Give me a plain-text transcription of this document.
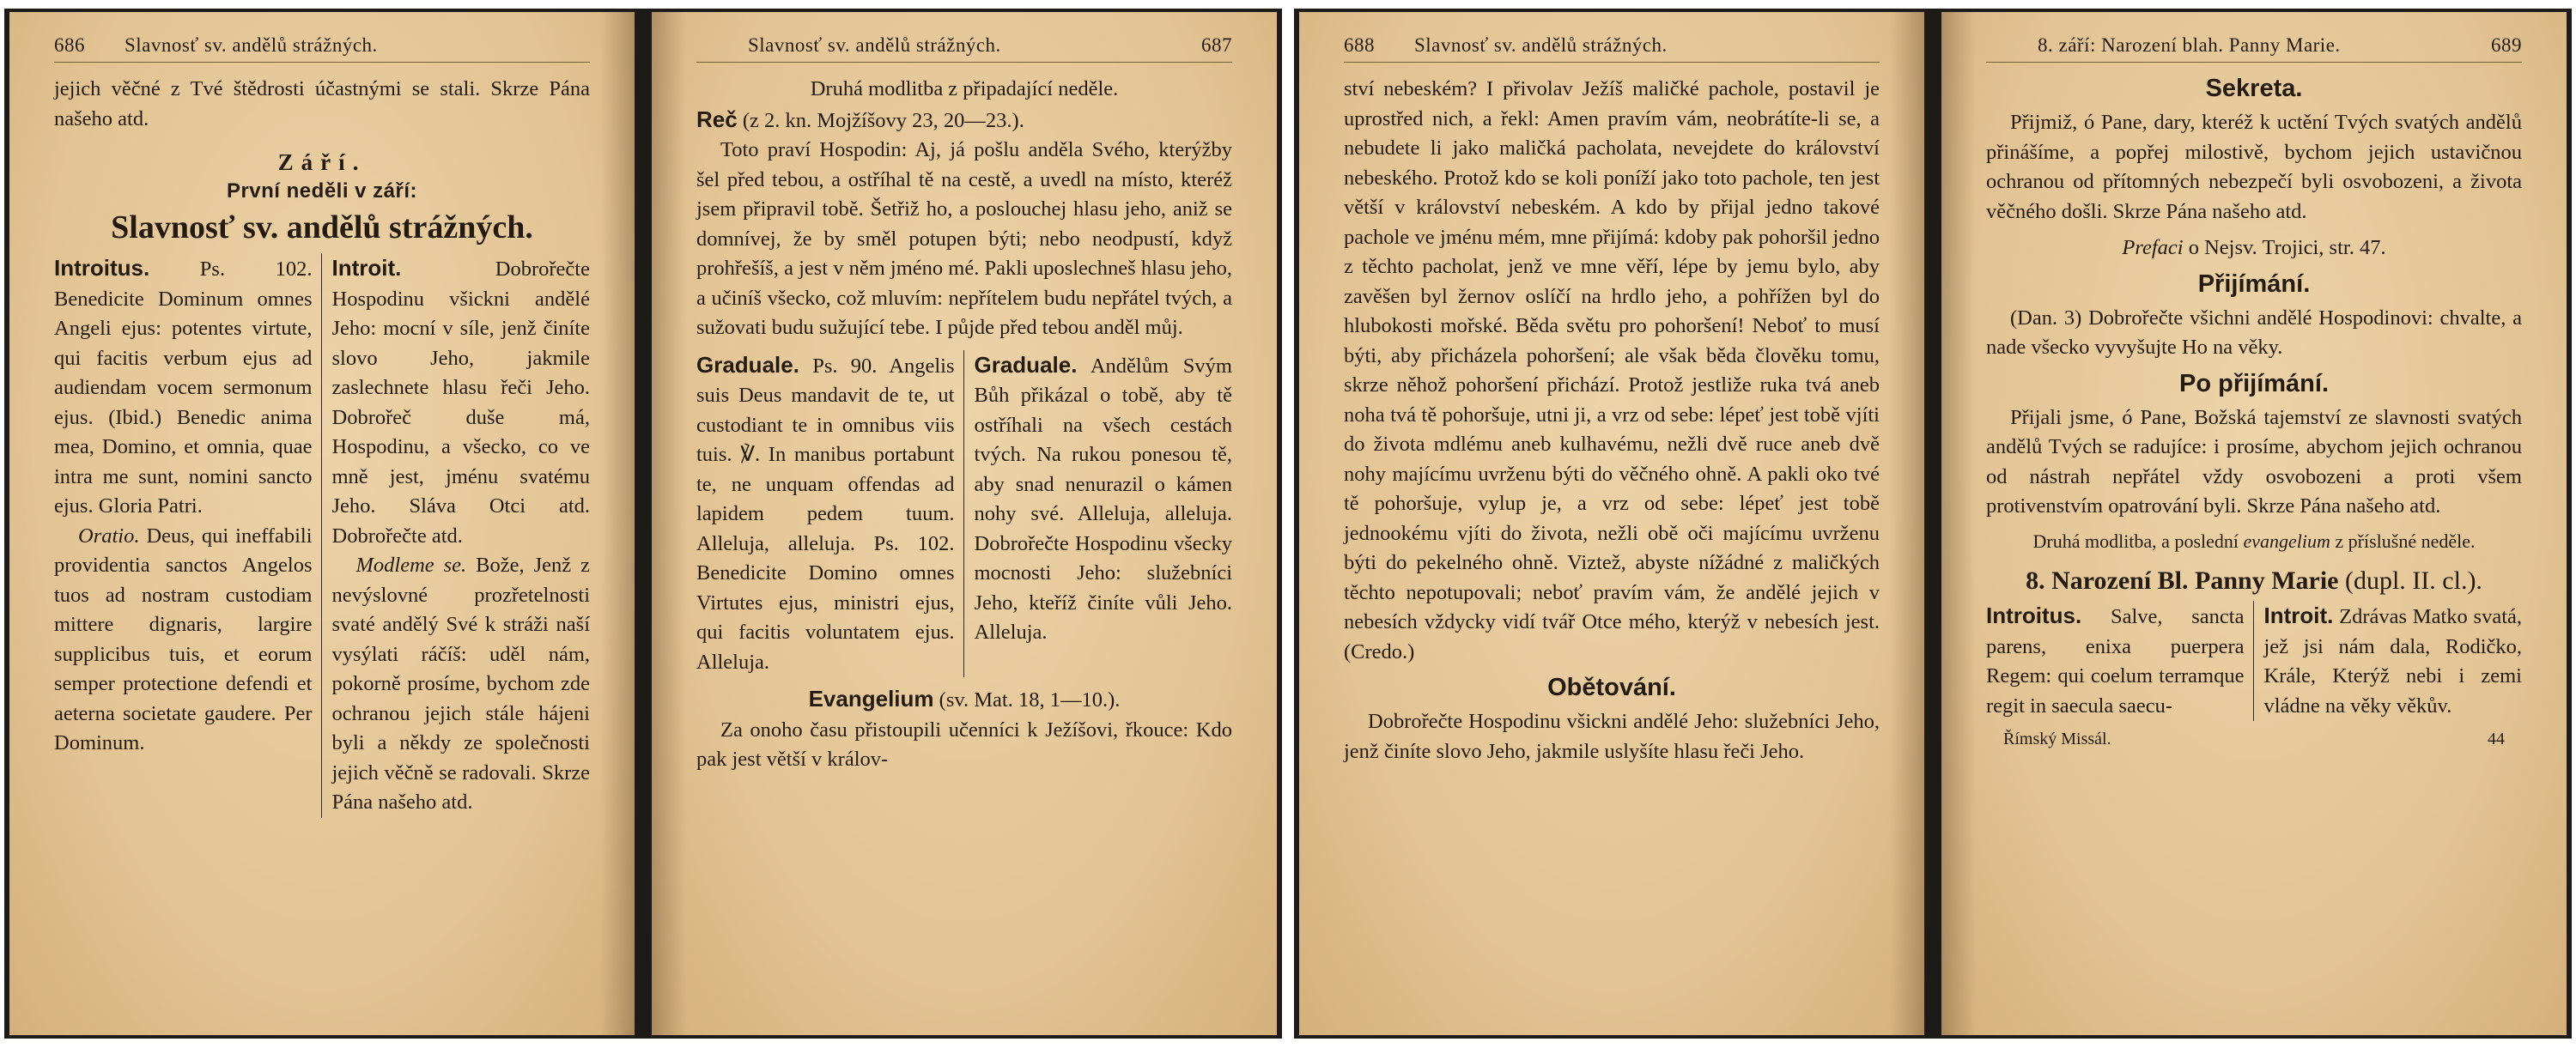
686 Slavnosť sv. andělů strážných.

jejich věčné z Tvé štědrosti účastnými se stali. Skrze Pána našeho atd.

Září.

První neděli v září:

Slavnosť sv. andělů strážných.

Introitus. Ps. 102. Benedicite Dominum omnes Angeli ejus: potentes virtute, qui facitis verbum ejus ad audiendam vocem sermonum ejus. (Ibid.) Benedic anima mea, Domino, et omnia, quae intra me sunt, nomini sancto ejus. Gloria Patri.

Oratio. Deus, qui ineffabili providentia sanctos Angelos tuos ad nostram custodiam mittere dignaris, largire supplicibus tuis, et eorum semper protectione defendi et aeterna societate gaudere. Per Dominum.

Introit.	Dobrořečte Hospodinu všickni andělé Jeho: mocní v síle, jenž činíte slovo Jeho, jakmile zaslechnete hlasu řeči Jeho. Dobrořeč duše má, Hospodinu, a všecko, co ve mně jest, jménu svatému Jeho. Sláva Otci atd. Dobrořečte atd.

Modleme se. Bože, Jenž z nevýslovné prozřetelnosti svaté andělý Své k stráži naší vysýlati ráčíš: uděl nám, pokorně prosíme, bychom zde ochranou jejich stále hájeni byli a někdy ze společnosti jejich věčně se radovali. Skrze Pána našeho atd.

Slavnosť sv. andělů strážných.	687

Druhá modlitba z připadající neděle.

Reč (z 2. kn. Mojžíšovy 23, 20—23.).

Toto praví Hospodin: Aj, já pošlu anděla Svého, kterýžby šel před tebou, a ostříhal tě na cestě, a uvedl na místo, kteréž jsem připravil tobě. Šetřiž ho, a poslouchej hlasu jeho, aniž se domnívej, že by směl potupen býti; nebo neodpustí, když prohřešíš, a jest v něm jméno mé. Pakli uposlechneš hlasu jeho, a učiníš všecko, což mluvím: nepřítelem budu nepřátel tvých, a sužovati budu sužující tebe. I půjde před tebou anděl můj.

Graduale. Ps. 90. Angelis suis Deus mandavit de te, ut custodiant te in omnibus viis tuis. ℣. In manibus portabunt te, ne unquam offendas ad lapidem pedem tuum. Alleluja, alleluja. Ps. 102. Benedicite Domino omnes Virtutes ejus, ministri ejus, qui facitis voluntatem ejus. Alleluja.

Graduale. Andělům Svým Bůh přikázal o tobě, aby tě ostříhali na všech cestách tvých. Na rukou ponesou tě, aby snad nenurazil o kámen nohy své. Alleluja, alleluja. Dobrořečte Hospodinu všecky mocnosti Jeho: služebníci Jeho, kteříž činíte vůli Jeho. Alleluja.

Evangelium (sv. Mat. 18, 1—10.).

Za onoho času přistoupili učenníci k Ježíšovi, řkouce: Kdo pak jest větší v králov-

688 Slavnosť sv. andělů strážných.

ství nebeském? I přivolav Ježíš maličké pachole, postavil je uprostřed nich, a řekl: Amen pravím vám, neobrátíte-li se, a nebudete li jako maličká pacholata, nevejdete do království nebeského. Protož kdo se koli poníží jako toto pachole, ten jest větší v království nebeském. A kdo by přijal jedno takové pachole ve jménu mém, mne přijímá: kdoby pak pohoršil jedno z těchto pacholat, jenž ve mne věří, lépe by jemu bylo, aby zavěšen byl žernov oslíčí na hrdlo jeho, a pohřížen byl do hlubokosti mořské. Běda světu pro pohoršení! Neboť to musí býti, aby přicházela pohoršení; ale však běda člověku tomu, skrze něhož pohoršení přichází. Protož jestliže ruka tvá aneb noha tvá tě pohoršuje, utni ji, a vrz od sebe: lépeť jest tobě vjíti do života mdlému aneb kulhavému, nežli dvě ruce aneb dvě nohy majícímu uvrženu býti do věčného ohně. A pakli oko tvé tě pohoršuje, vylup je, a vrz od sebe: lépeť jest tobě jednookému vjíti do života, nežli obě oči majícímu uvrženu býti do pekelného ohně. Viztež, abyste nížádné z maličkých těchto nepotupovali; neboť pravím vám, že andělé jejich v nebesích vždycky vidí tvář Otce mého, kterýž v nebesích jest. (Credo.)

Obětování.

Dobrořečte Hospodinu všickni andělé Jeho: služebníci Jeho, jenž činíte slovo Jeho, jakmile uslyšíte hlasu řeči Jeho.

8. září: Narození blah. Panny Marie.	689

Sekreta.

Přijmiž, ó Pane, dary, kteréž k uctění Tvých svatých andělů přinášíme, a popřej milostivě, bychom jejich ustavičnou ochranou od přítomných nebezpečí byli osvobozeni, a života věčného došli. Skrze Pána našeho atd.

Prefaci o Nejsv. Trojici, str. 47.

Přijímání.

(Dan. 3) Dobrořečte všichni andělé Hospodinovi: chvalte, a nade všecko vyvyšujte Ho na věky.

Po přijímání.

Přijali jsme, ó Pane, Božská tajemství ze slavnosti svatých andělů Tvých se radujíce: i prosíme, abychom jejich ochranou od nástrah nepřátel vždy osvobozeni a proti všem protivenstvím opatrování byli. Skrze Pána našeho atd.

Druhá modlitba, a poslední evangelium z příslušné neděle.

8. Narození Bl. Panny Marie (dupl. II. cl.).

Introitus. Salve, sancta parens, enixa puerpera Regem: qui coelum terramque regit in saecula saecu-

Introit. Zdrávas Matko svatá, jež jsi nám dala, Rodičko, Krále, Kterýž nebi i zemi vládne na věky věkův.

Římský Missál.	44
